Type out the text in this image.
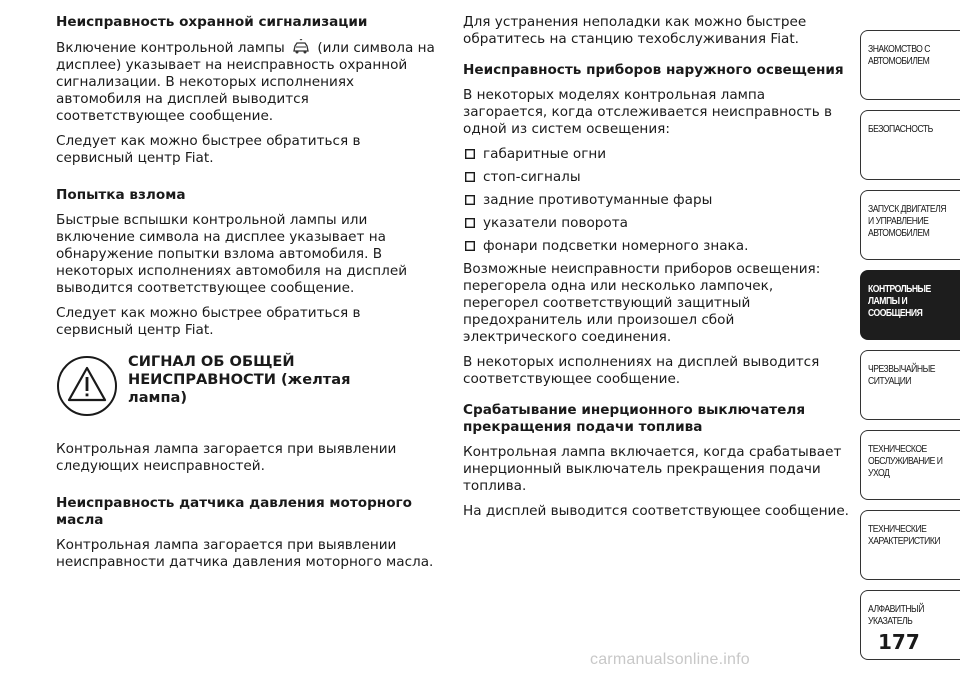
Неисправность охранной сигнализации

Включение контрольной лампы (или символа на дисплее) указывает на неисправность охранной сигнализации. В некоторых исполнениях автомобиля на дисплей выводится соответствующее сообщение.

Следует как можно быстрее обратиться в сервисный центр Fiat.

Попытка взлома

Быстрые вспышки контрольной лампы или включение символа на дисплее указывает на обнаружение попытки взлома автомобиля. В некоторых исполнениях автомобиля на дисплей выводится соответствующее сообщение.

Следует как можно быстрее обратиться в сервисный центр Fiat.

СИГНАЛ ОБ ОБЩЕЙ
НЕИСПРАВНОСТИ (желтая
лампа)

Контрольная лампа загорается при выявлении следующих неисправностей.

Неисправность датчика давления моторного масла

Контрольная лампа загорается при выявлении неисправности датчика давления моторного масла.

Для устранения неполадки как можно быстрее обратитесь на станцию техобслуживания Fiat.

Неисправность приборов наружного освещения

В некоторых моделях контрольная лампа загорается, когда отслеживается неисправность в одной из систем освещения:

габаритные огни
стоп-сигналы
задние противотуманные фары
указатели поворота
фонари подсветки номерного знака.

Возможные неисправности приборов освещения: перегорела одна или несколько лампочек, перегорел соответствующий защитный предохранитель или произошел сбой электрического соединения.

В некоторых исполнениях на дисплей выводится соответствующее сообщение.

Срабатывание инерционного выключателя прекращения подачи топлива

Контрольная лампа включается, когда срабатывает инерционный выключатель прекращения подачи топлива.

На дисплей выводится соответствующее сообщение.

ЗНАКОМСТВО С АВТОМОБИЛЕМ
БЕЗОПАСНОСТЬ
ЗАПУСК ДВИГАТЕЛЯ И УПРАВЛЕНИЕ АВТОМОБИЛЕМ
КОНТРОЛЬНЫЕ ЛАМПЫ И СООБЩЕНИЯ
ЧРЕЗВЫЧАЙНЫЕ СИТУАЦИИ
ТЕХНИЧЕСКОЕ ОБСЛУЖИВАНИЕ И УХОД
ТЕХНИЧЕСКИЕ ХАРАКТЕРИСТИКИ
АЛФАВИТНЫЙ УКАЗАТЕЛЬ
177
carmanualsonline.info
